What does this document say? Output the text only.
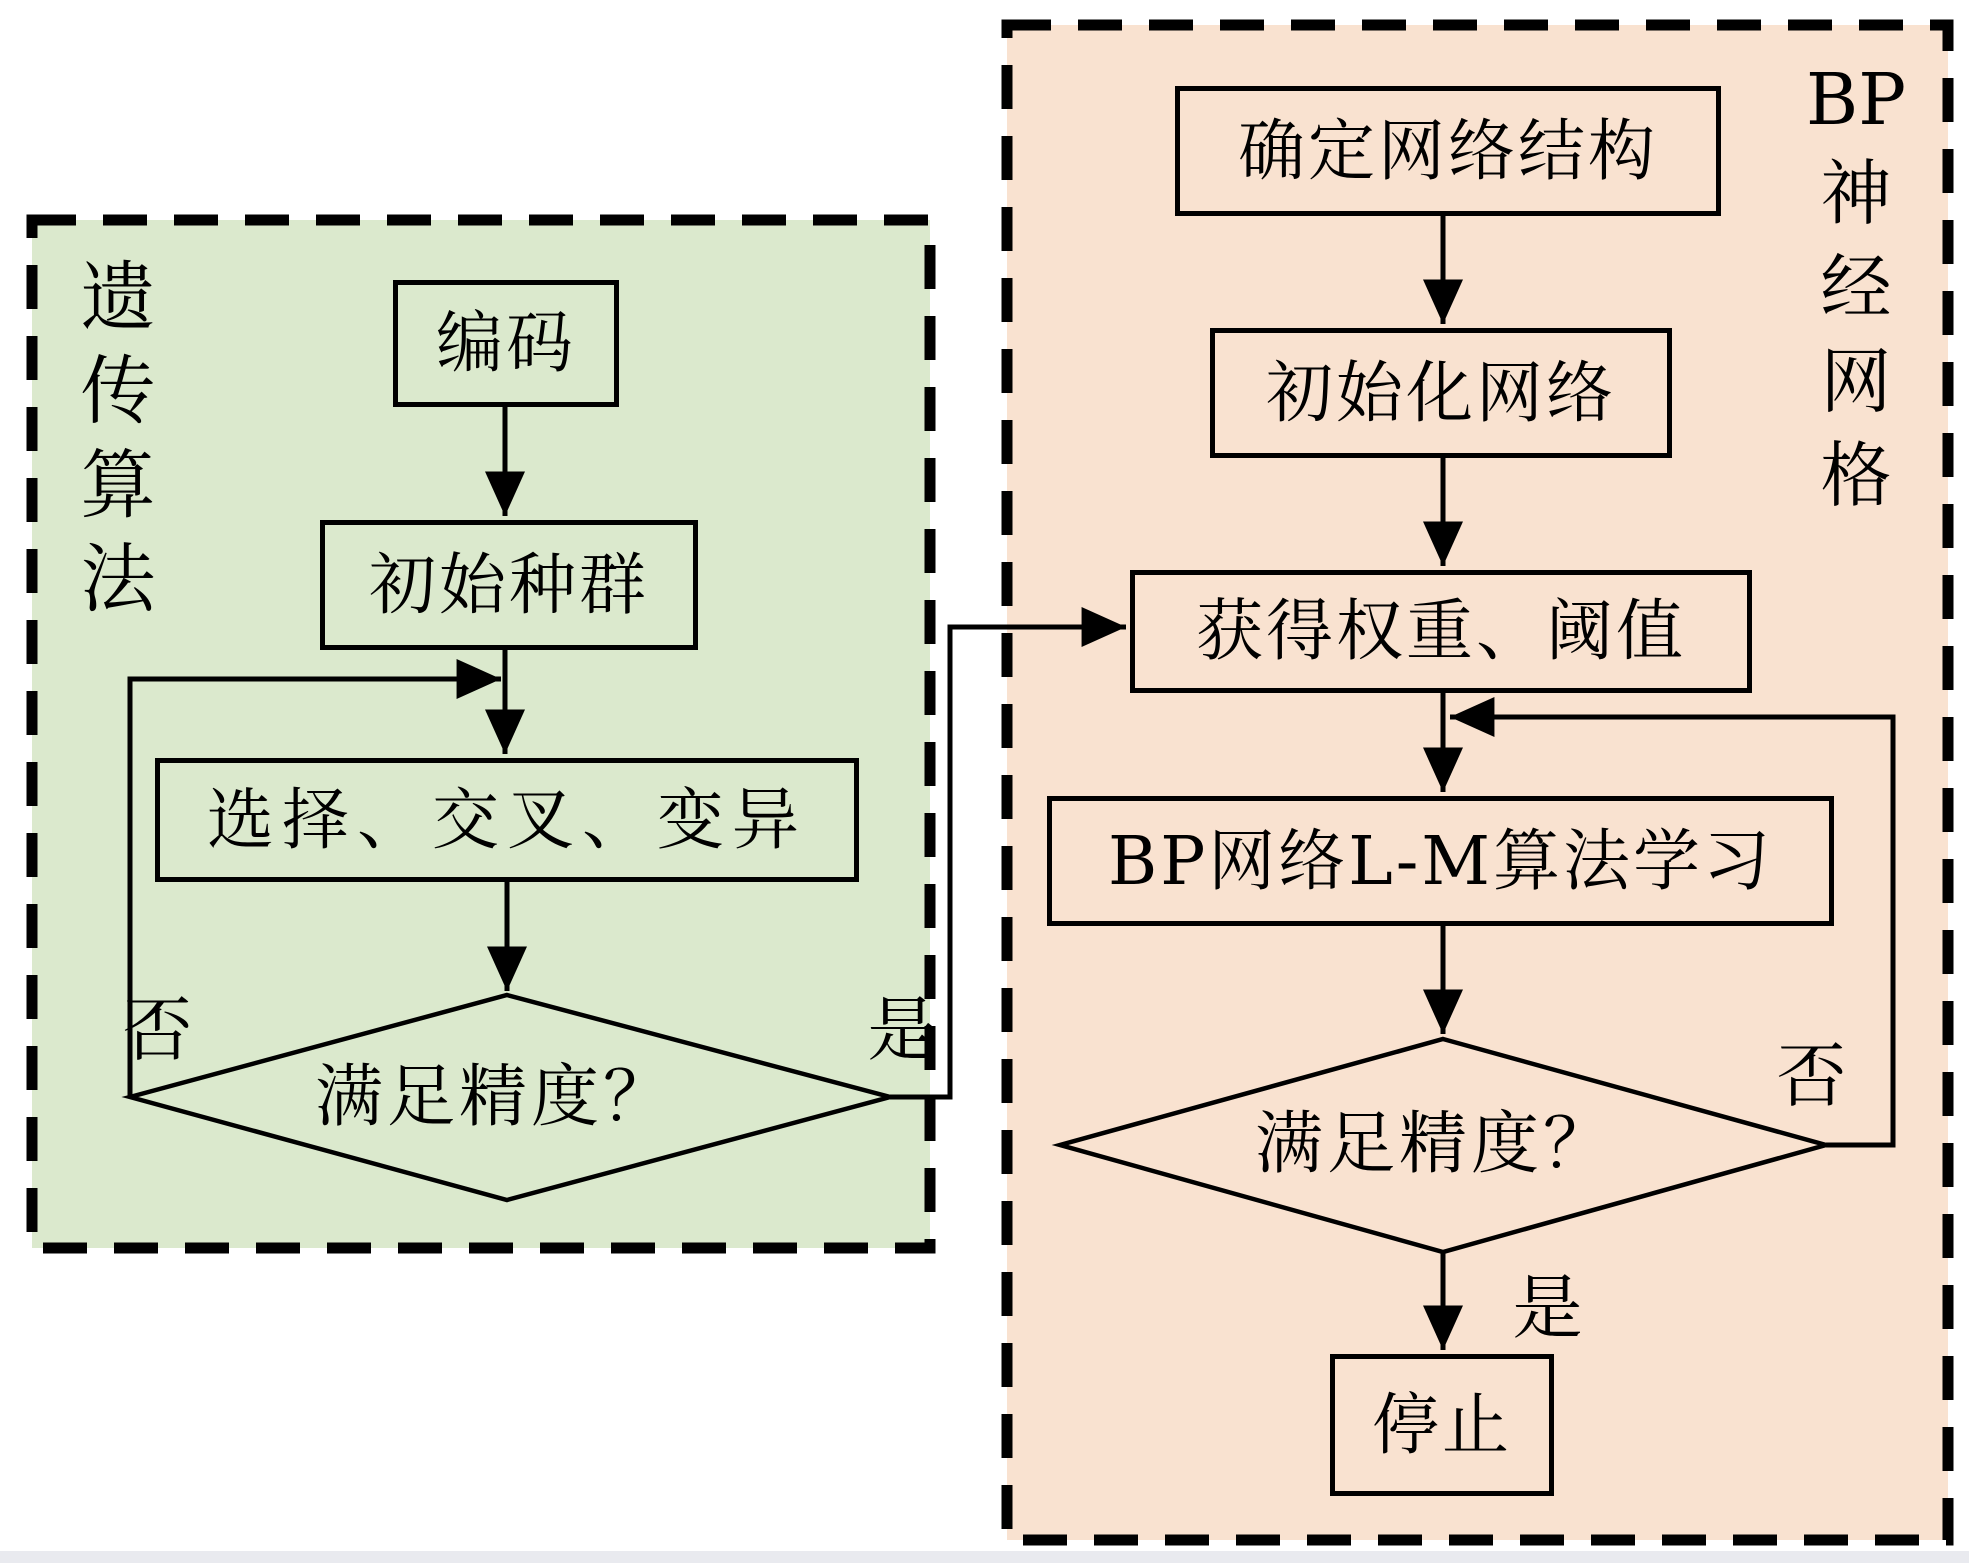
遗
传
算
法
编码
初始种群
选择、交叉、变异
满足精度？
否	是
BP
神
经
网
格
确定网络结构
初始化网络
获得权重、阈值
BP网络L-M算法学习
满足精度？
否
是
停止
